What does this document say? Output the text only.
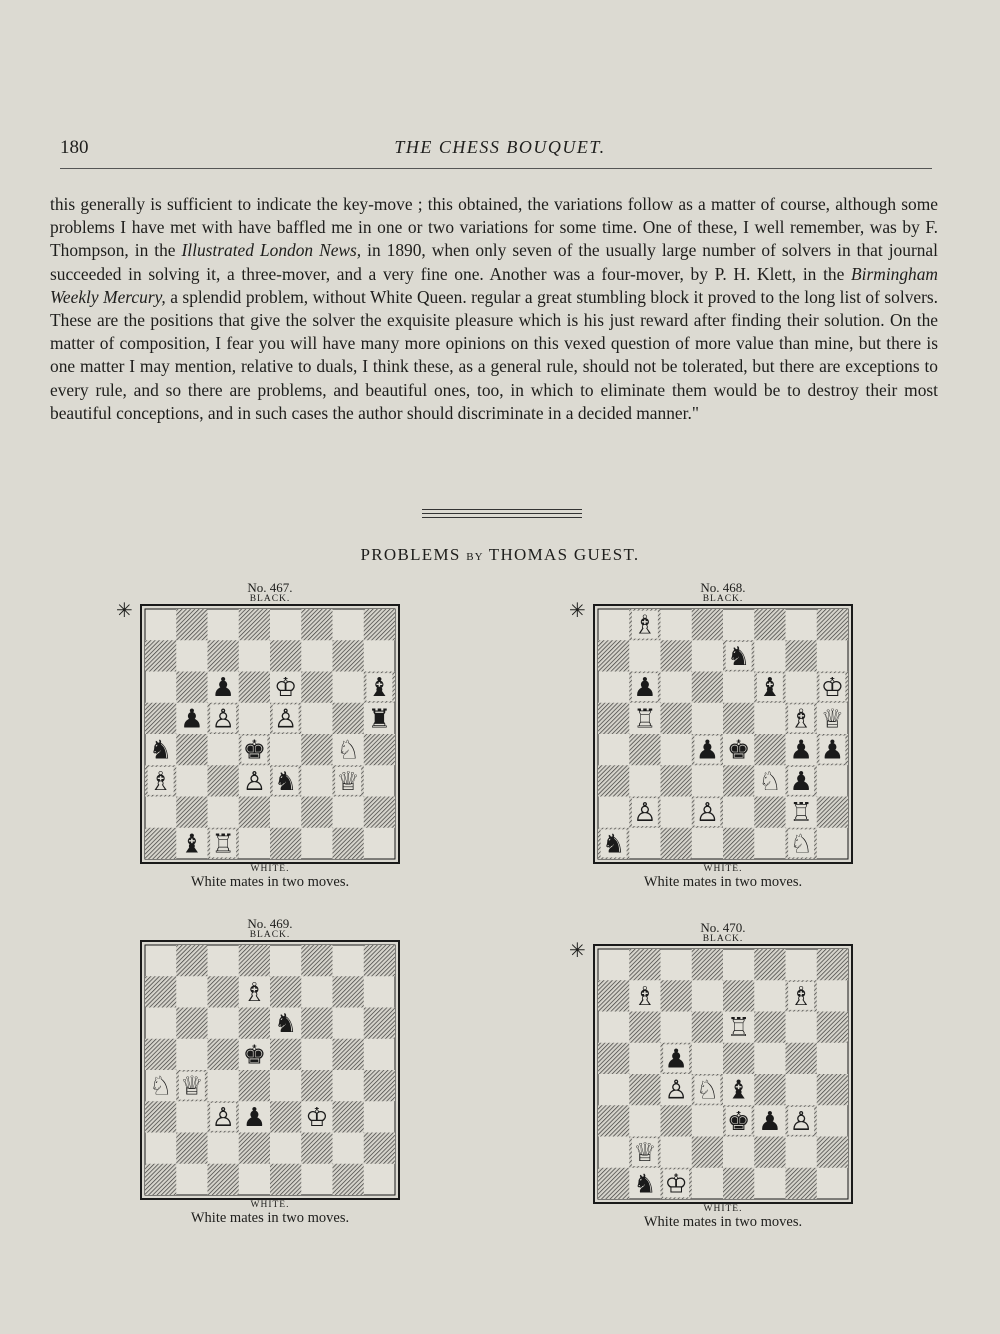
180	THE CHESS BOUQUET.
this generally is sufficient to indicate the key-move ; this obtained, the variations follow as a matter of course, although some problems I have met with have baffled me in one or two variations for some time. One of these, I well remember, was by F. Thompson, in the Illustrated London News, in 1890, when only seven of the usually large number of solvers in that journal succeeded in solving it, a three-mover, and a very fine one. Another was a four-mover, by P. H. Klett, in the Birmingham Weekly Mercury, a splendid problem, without White Queen. regular a great stumbling block it proved to the long list of solvers. These are the positions that give the solver the exquisite pleasure which is his just reward after finding their solution. On the matter of composition, I fear you will have many more opinions on this vexed question of more value than mine, but there is one matter I may mention, relative to duals, I think these, as a general rule, should not be tolerated, but there are exceptions to every rule, and so there are problems, and beautiful ones, too, in which to eliminate them would be to destroy their most beautiful conceptions, and in such cases the author should discriminate in a decided manner."
PROBLEMS BY THOMAS GUEST.
No. 467.
BLACK.
✳
♟ ♔	♝
♟ ♙ ♙	♜
♞	♚	♘
♗	♙ ♞ ♕
♝ ♖
WHITE.
White mates in two moves.
No. 468.
BLACK.
✳
♗
♞
♟	♝ ♔
♖	♗ ♕
♟ ♚ ♟ ♟
♘ ♟
♙ ♙	♖
♞	♘
WHITE.
White mates in two moves.
No. 469.
BLACK.
♗
♞
♚
♘ ♕
♙ ♟ ♔
WHITE.
White mates in two moves.
No. 470.
BLACK.
✳
♗	♗
♖
♟
♙ ♘ ♝
♚ ♟ ♙
♕
♞ ♔
WHITE.
White mates in two moves.
